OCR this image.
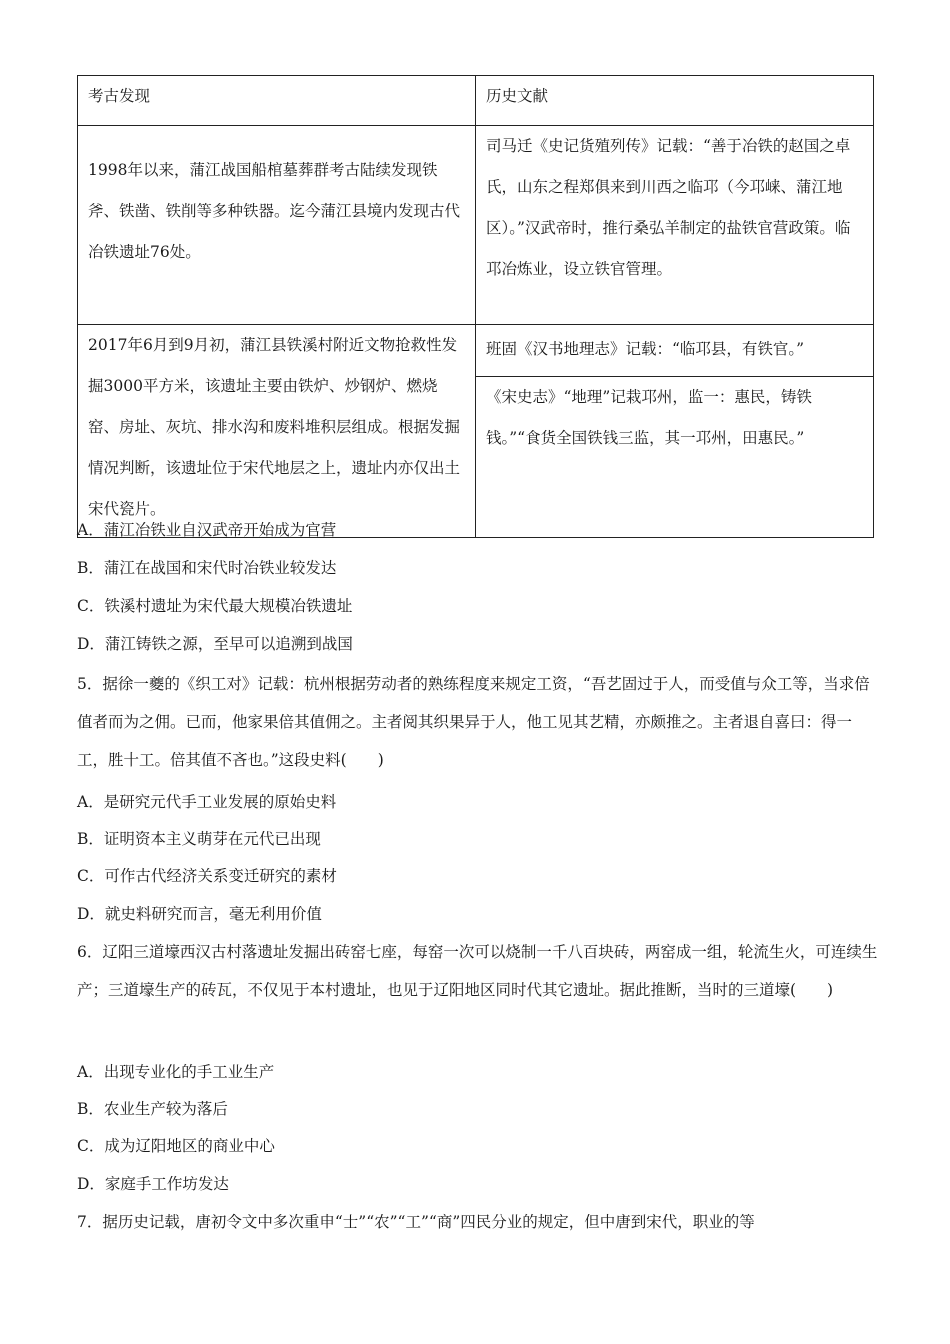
考古发现	历史文献
1998年以来，蒲江战国船棺墓葬群考古陆续发现铁斧、铁凿、铁削等多种铁器。迄今蒲江县境内发现古代冶铁遗址76处。	司马迁《史记货殖列传》记载：“善于冶铁的赵国之卓氏，山东之程郑俱来到川西之临邛（今邛崃、蒲江地区）。”汉武帝时，推行桑弘羊制定的盐铁官营政策。临邛冶炼业，设立铁官管理。
2017年6月到9月初，蒲江县铁溪村附近文物抢救性发掘3000平方米，该遗址主要由铁炉、炒钢炉、燃烧窑、房址、灰坑、排水沟和废料堆积层组成。根据发掘情况判断，该遗址位于宋代地层之上，遗址内亦仅出土宋代瓷片。	班固《汉书地理志》记载：“临邛县，有铁官。”
	《宋史志》“地理”记栽邛州，监一：惠民，铸铁钱。”“食货全国铁钱三监，其一邛州，田惠民。”
A．蒲江冶铁业自汉武帝开始成为官营
B．蒲江在战国和宋代时冶铁业较发达
C．铁溪村遗址为宋代最大规模冶铁遗址
D．蒲江铸铁之源，至早可以追溯到战国
5．据徐一夔的《织工对》记载：杭州根据劳动者的熟练程度来规定工资，“吾艺固过于人，而受值与众工等，当求倍值者而为之佣。已而，他家果倍其值佣之。主者阅其织果异于人，他工见其艺精，亦颇推之。主者退自喜曰：得一工，胜十工。倍其值不吝也。”这段史料(　　)
A．是研究元代手工业发展的原始史料
B．证明资本主义萌芽在元代已出现
C．可作古代经济关系变迁研究的素材
D．就史料研究而言，毫无利用价值
6．辽阳三道壕西汉古村落遗址发掘出砖窑七座，每窑一次可以烧制一千八百块砖，两窑成一组，轮流生火，可连续生产；三道壕生产的砖瓦，不仅见于本村遗址，也见于辽阳地区同时代其它遗址。据此推断，当时的三道壕(　　)
A．出现专业化的手工业生产
B．农业生产较为落后
C．成为辽阳地区的商业中心
D．家庭手工作坊发达
7．据历史记载，唐初令文中多次重申“士”“农”“工”“商”四民分业的规定，但中唐到宋代，职业的等
